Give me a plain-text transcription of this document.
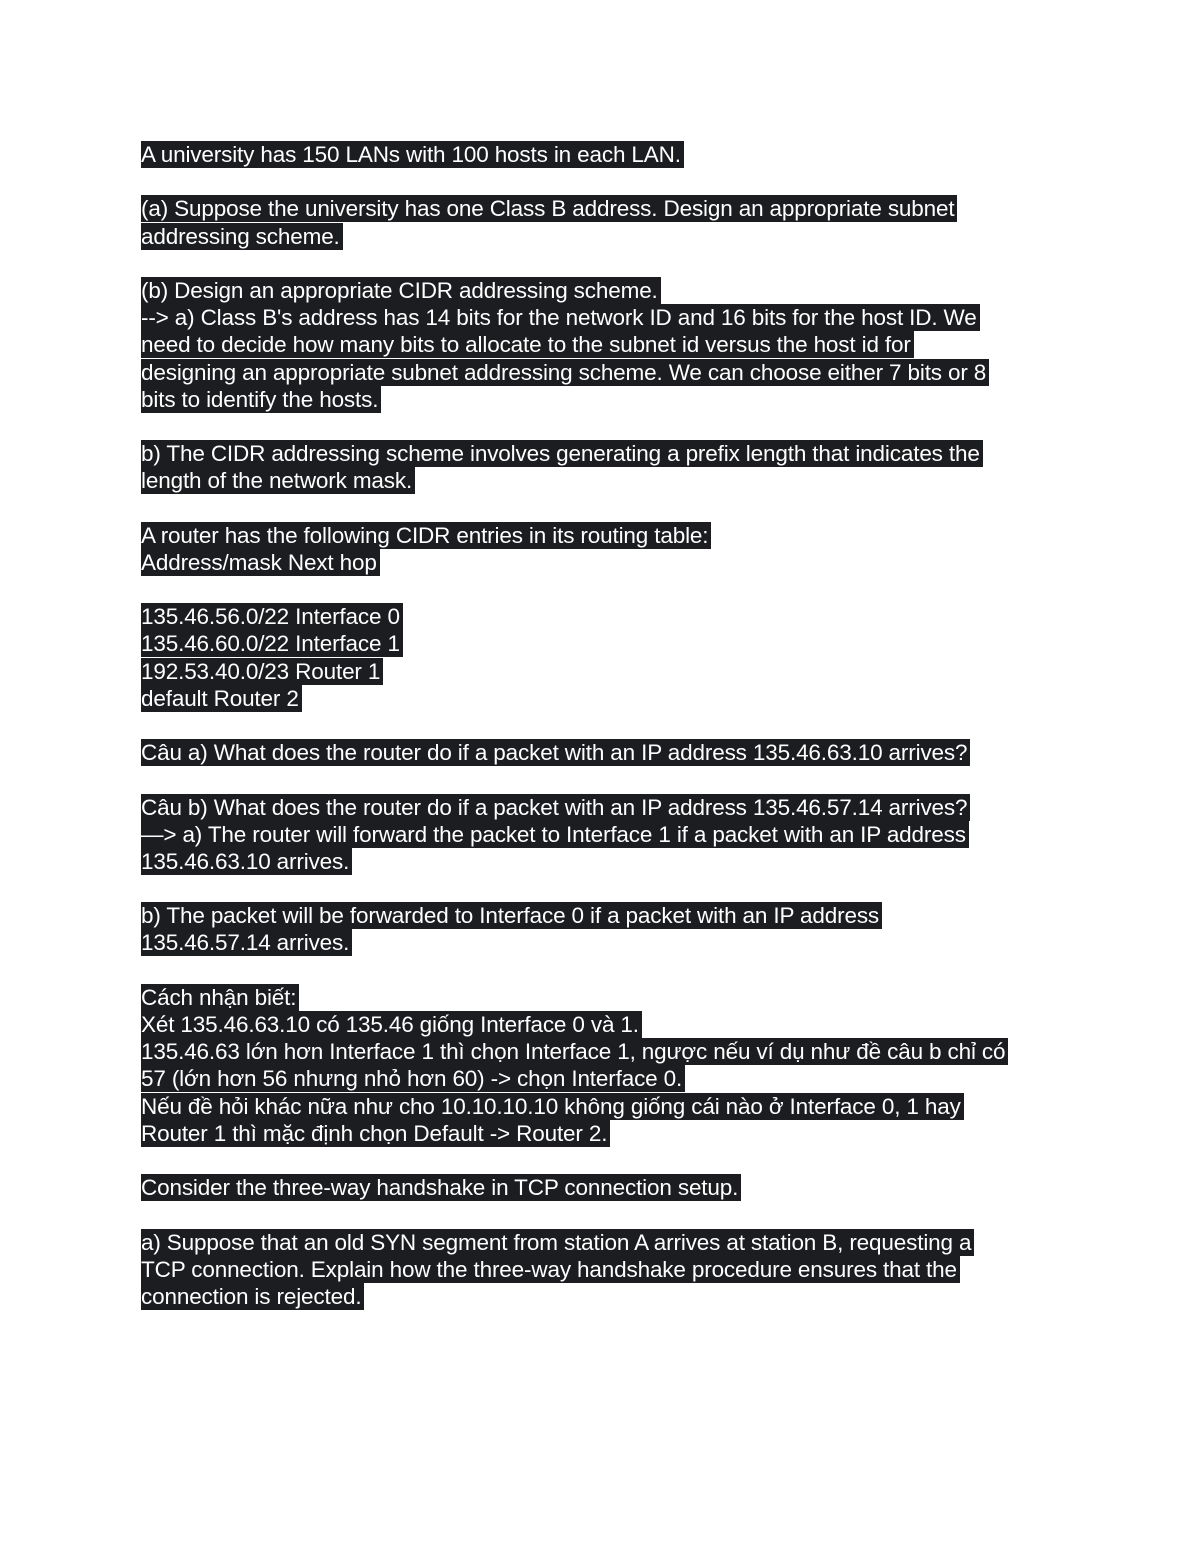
A university has 150 LANs with 100 hosts in each LAN.
(a) Suppose the university has one Class B address. Design an appropriate subnet
addressing scheme.
(b) Design an appropriate CIDR addressing scheme.
--> a) Class B's address has 14 bits for the network ID and 16 bits for the host ID. We
need to decide how many bits to allocate to the subnet id versus the host id for
designing an appropriate subnet addressing scheme. We can choose either 7 bits or 8
bits to identify the hosts.
b) The CIDR addressing scheme involves generating a prefix length that indicates the
length of the network mask.
A router has the following CIDR entries in its routing table:
Address/mask Next hop
135.46.56.0/22 Interface 0
135.46.60.0/22 Interface 1
192.53.40.0/23 Router 1
default Router 2
Câu a) What does the router do if a packet with an IP address 135.46.63.10 arrives?
Câu b) What does the router do if a packet with an IP address 135.46.57.14 arrives?
—> a) The router will forward the packet to Interface 1 if a packet with an IP address
135.46.63.10 arrives.
b) The packet will be forwarded to Interface 0 if a packet with an IP address
135.46.57.14 arrives.
Cách nhận biết:
Xét 135.46.63.10 có 135.46 giống Interface 0 và 1.
135.46.63 lớn hơn Interface 1 thì chọn Interface 1, ngược nếu ví dụ như đề câu b chỉ có
57 (lớn hơn 56 nhưng nhỏ hơn 60) -> chọn Interface 0.
Nếu đề hỏi khác nữa như cho 10.10.10.10 không giống cái nào ở Interface 0, 1 hay
Router 1 thì mặc định chọn Default -> Router 2.
Consider the three-way handshake in TCP connection setup.
a) Suppose that an old SYN segment from station A arrives at station B, requesting a
TCP connection. Explain how the three-way handshake procedure ensures that the
connection is rejected.
